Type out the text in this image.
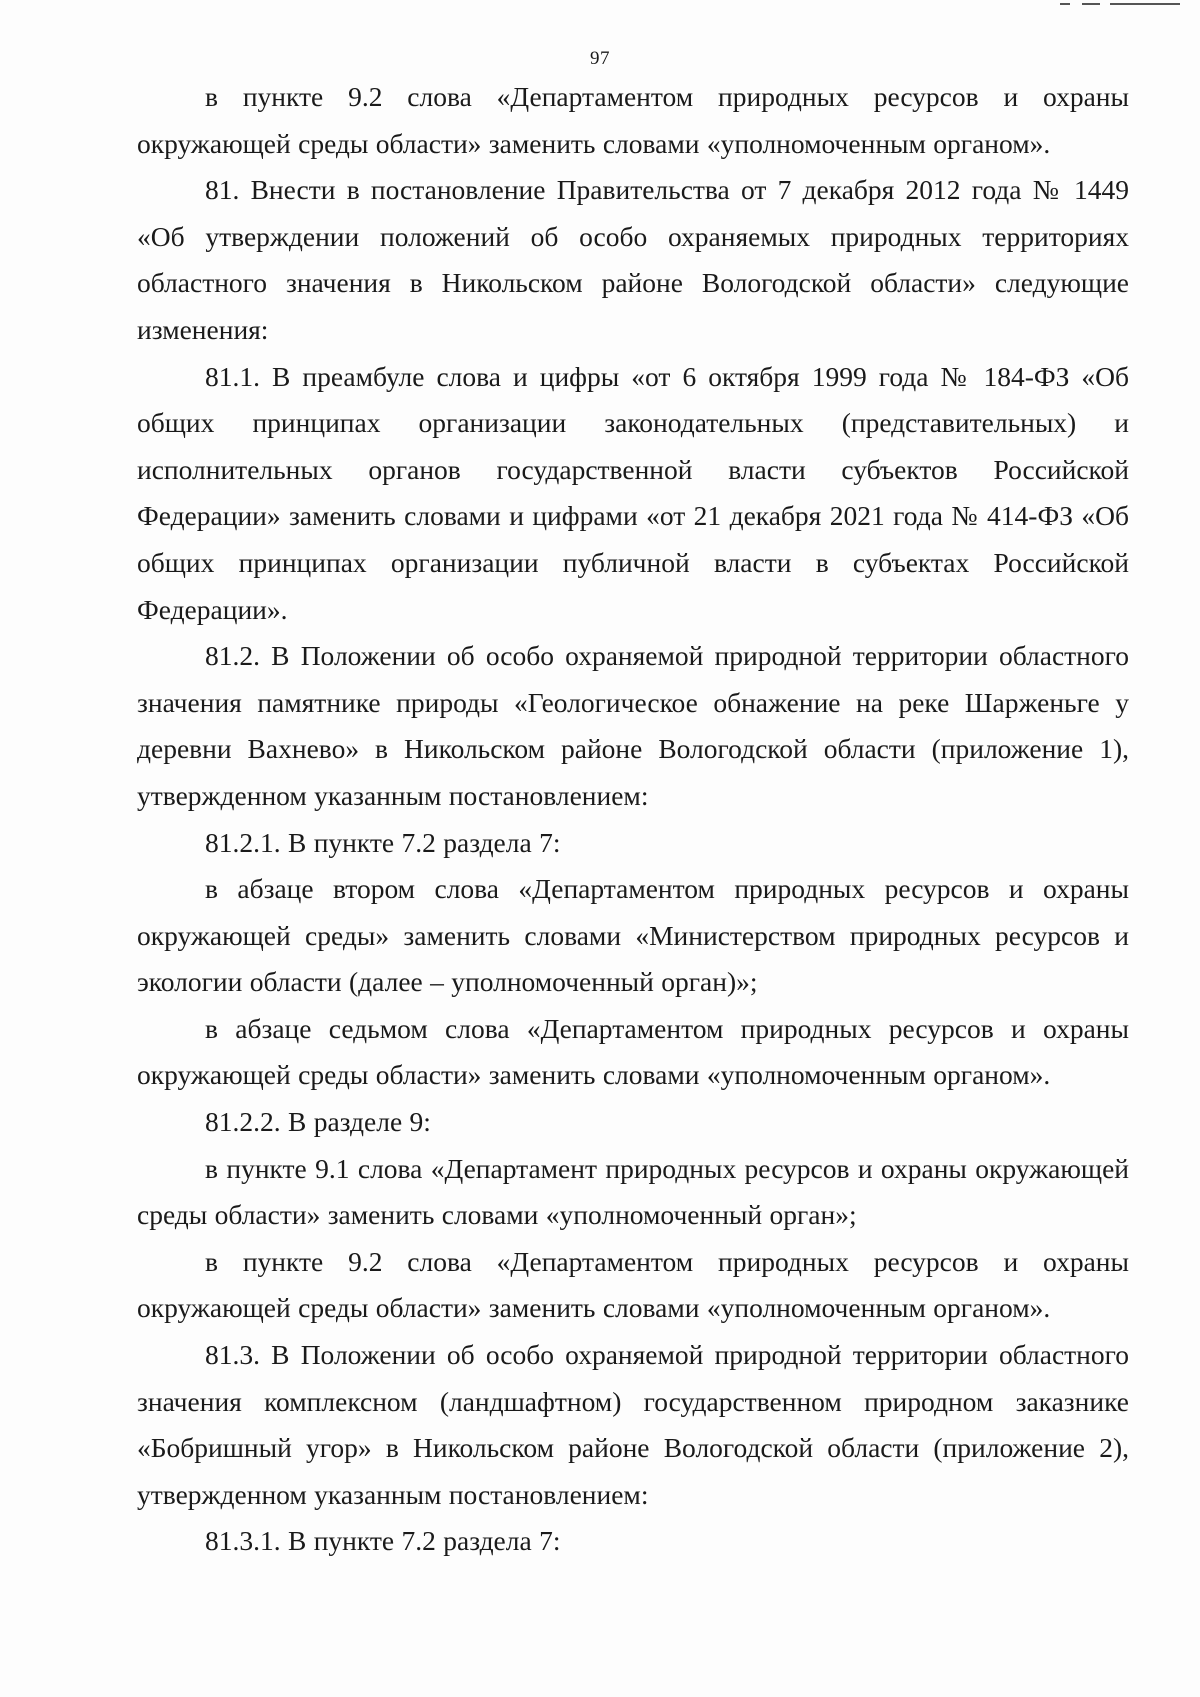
97

в пункте 9.2 слова «Департаментом природных ресурсов и охраны окружающей среды области» заменить словами «уполномоченным органом».

81. Внести в постановление Правительства от 7 декабря 2012 года № 1449 «Об утверждении положений об особо охраняемых природных территориях областного значения в Никольском районе Вологодской области» следующие изменения:

81.1. В преамбуле слова и цифры «от 6 октября 1999 года № 184-ФЗ «Об общих принципах организации законодательных (представительных) и исполнительных органов государственной власти субъектов Российской Федерации» заменить словами и цифрами «от 21 декабря 2021 года № 414-ФЗ «Об общих принципах организации публичной власти в субъектах Российской Федерации».

81.2. В Положении об особо охраняемой природной территории областного значения памятнике природы «Геологическое обнажение на реке Шарженьге у деревни Вахнево» в Никольском районе Вологодской области (приложение 1), утвержденном указанным постановлением:

81.2.1. В пункте 7.2 раздела 7:

в абзаце втором слова «Департаментом природных ресурсов и охраны окружающей среды» заменить словами «Министерством природных ресурсов и экологии области (далее – уполномоченный орган)»;

в абзаце седьмом слова «Департаментом природных ресурсов и охраны окружающей среды области» заменить словами «уполномоченным органом».

81.2.2. В разделе 9:

в пункте 9.1 слова «Департамент природных ресурсов и охраны окружающей среды области» заменить словами «уполномоченный орган»;

в пункте 9.2 слова «Департаментом природных ресурсов и охраны окружающей среды области» заменить словами «уполномоченным органом».

81.3. В Положении об особо охраняемой природной территории областного значения комплексном (ландшафтном) государственном природном заказнике «Бобришный угор» в Никольском районе Вологодской области (приложение 2), утвержденном указанным постановлением:

81.3.1. В пункте 7.2 раздела 7:
